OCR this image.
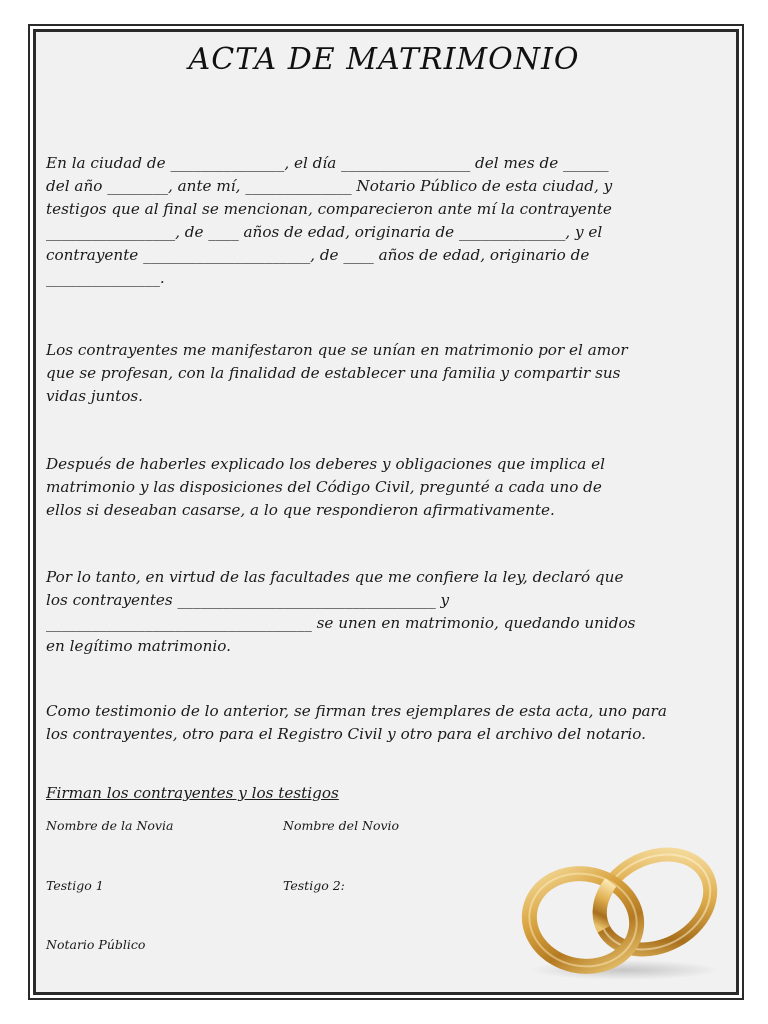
ACTA DE MATRIMONIO

En la ciudad de _______________, el día _________________ del mes de ______
del año ________, ante mí, ______________ Notario Público de esta ciudad, y
testigos que al final se mencionan, comparecieron ante mí la contrayente
_________________, de ____ años de edad, originaria de ______________, y el
contrayente ______________________, de ____ años de edad, originario de
_______________.

Los contrayentes me manifestaron que se unían en matrimonio por el amor
que se profesan, con la finalidad de establecer una familia y compartir sus
vidas juntos.

Después de haberles explicado los deberes y obligaciones que implica el
matrimonio y las disposiciones del Código Civil, pregunté a cada uno de
ellos si deseaban casarse, a lo que respondieron afirmativamente.

Por lo tanto, en virtud de las facultades que me confiere la ley, declaró que
los contrayentes __________________________________ y
___________________________________ se unen en matrimonio, quedando unidos
en legítimo matrimonio.

Como testimonio de lo anterior, se firman tres ejemplares de esta acta, uno para
los contrayentes, otro para el Registro Civil y otro para el archivo del notario.

Firman los contrayentes y los testigos

Nombre de la Novia	Nombre del Novio
Testigo 1	Testigo 2:
Notario Público
